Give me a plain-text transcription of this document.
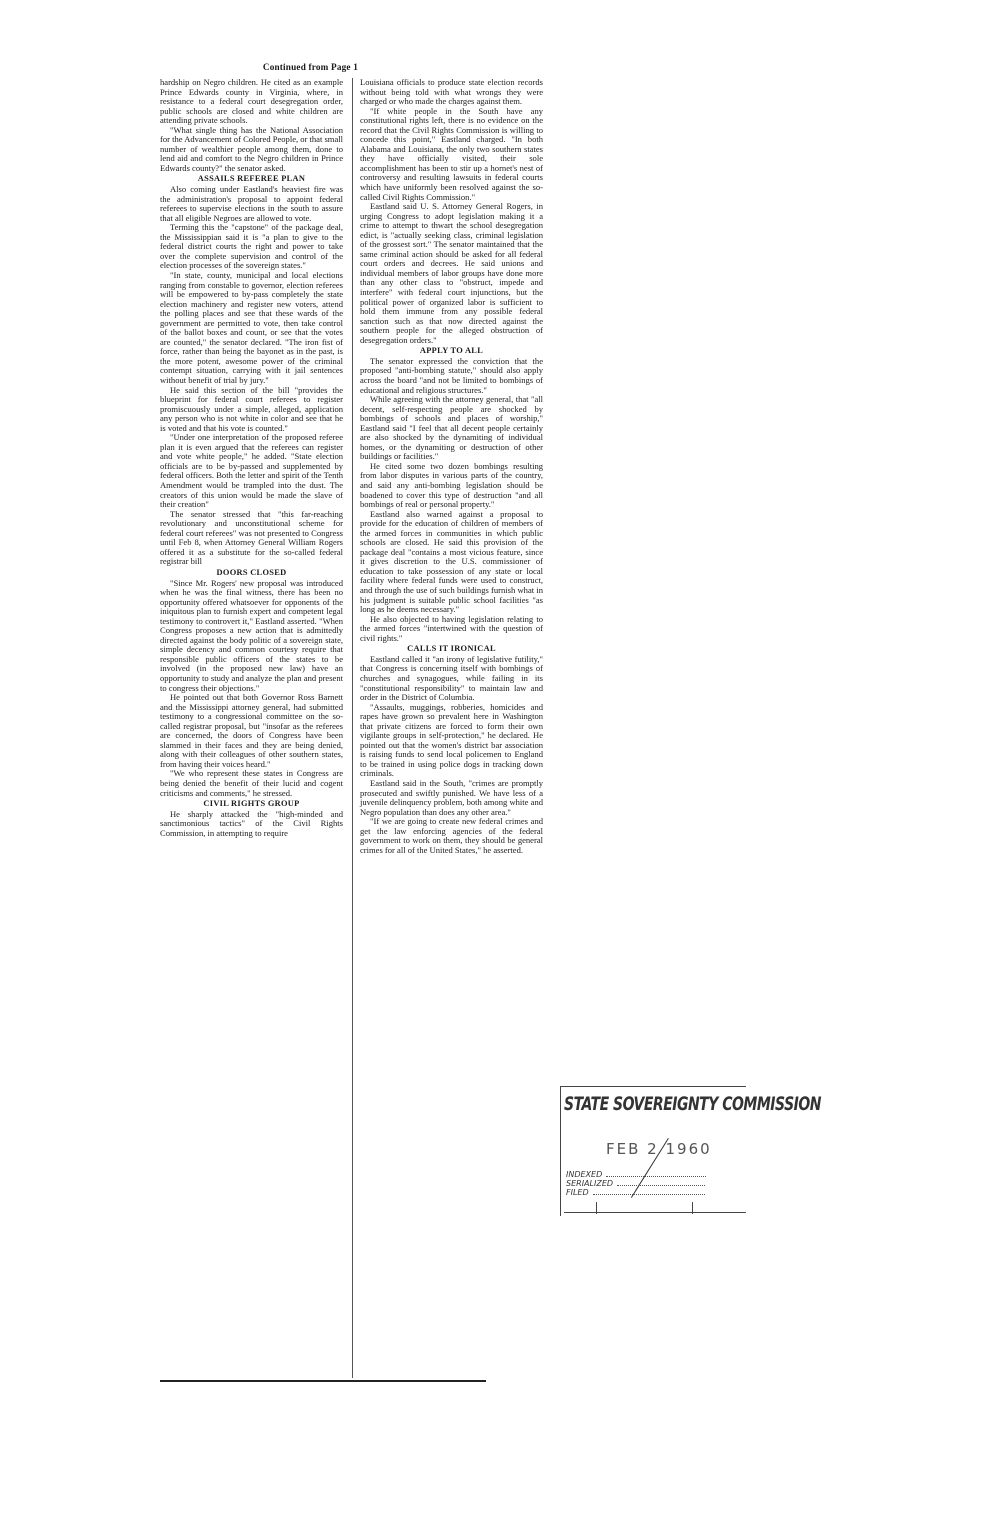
Continued from Page 1

hardship on Negro children. He cited as an example Prince Edwards county in Virginia, where, in resistance to a federal court desegregation order, public schools are closed and white children are attending private schools.

"What single thing has the National Association for the Advancement of Colored People, or that small number of wealthier people among them, done to lend aid and comfort to the Negro children in Prince Edwards county?" the senator asked.

ASSAILS REFEREE PLAN

Also coming under Eastland's heaviest fire was the administration's proposal to appoint federal referees to supervise elections in the south to assure that all eligible Negroes are allowed to vote.

Terming this the "capstone" of the package deal, the Mississippian said it is "a plan to give to the federal district courts the right and power to take over the complete supervision and control of the election processes of the sovereign states."

"In state, county, municipal and local elections ranging from constable to governor, election referees will be empowered to by-pass completely the state election machinery and register new voters, attend the polling places and see that these wards of the government are permitted to vote, then take control of the ballot boxes and count, or see that the votes are counted," the senator declared. "The iron fist of force, rather than being the bayonet as in the past, is the more potent, awesome power of the criminal contempt situation, carrying with it jail sentences without benefit of trial by jury."

He said this section of the bill "provides the blueprint for federal court referees to register promiscuously under a simple, alleged, application any person who is not white in color and see that he is voted and that his vote is counted."

"Under one interpretation of the proposed referee plan it is even argued that the referees can register and vote white people," he added. "State election officials are to be by-passed and supplemented by federal officers. Both the letter and spirit of the Tenth Amendment would be trampled into the dust. The creators of this union would be made the slave of their creation"

The senator stressed that "this far-reaching revolutionary and unconstitutional scheme for federal court referees" was not presented to Congress until Feb 8, when Attorney General William Rogers offered it as a substitute for the so-called federal registrar bill

DOORS CLOSED

"Since Mr. Rogers' new proposal was introduced when he was the final witness, there has been no opportunity offered whatsoever for opponents of the iniquitous plan to furnish expert and competent legal testimony to controvert it," Eastland asserted. "When Congress proposes a new action that is admittedly directed against the body politic of a sovereign state, simple decency and common courtesy require that responsible public officers of the states to be involved (in the proposed new law) have an opportunity to study and analyze the plan and present to congress their objections."

He pointed out that both Governor Ross Barnett and the Mississippi attorney general, had submitted testimony to a congressional committee on the so-called registrar proposal, but "insofar as the referees are concerned, the doors of Congress have been slammed in their faces and they are being denied, along with their colleagues of other southern states, from having their voices heard."

"We who represent these states in Congress are being denied the benefit of their lucid and cogent criticisms and comments," he stressed.

CIVIL RIGHTS GROUP

He sharply attacked the "high-minded and sanctimonious tactics" of the Civil Rights Commission, in attempting to require

Louisiana officials to produce state election records without being told with what wrongs they were charged or who made the charges against them.

"If white people in the South have any constitutional rights left, there is no evidence on the record that the Civil Rights Commission is willing to concede this point," Eastland charged. "In both Alabama and Louisiana, the only two southern states they have officially visited, their sole accomplishment has been to stir up a hornet's nest of controversy and resulting lawsuits in federal courts which have uniformly been resolved against the so-called Civil Rights Commission."

Eastland said U. S. Attorney General Rogers, in urging Congress to adopt legislation making it a crime to attempt to thwart the school desegregation edict, is "actually seeking class, criminal legislation of the grossest sort." The senator maintained that the same criminal action should be asked for all federal court orders and decrees. He said unions and individual members of labor groups have done more than any other class to "obstruct, impede and interfere" with federal court injunctions, but the political power of organized labor is sufficient to hold them immune from any possible federal sanction such as that now directed against the southern people for the alleged obstruction of desegregation orders."

APPLY TO ALL

The senator expressed the conviction that the proposed "anti-bombing statute," should also apply across the board "and not be limited to bombings of educational and religious structures."

While agreeing with the attorney general, that "all decent, self-respecting people are shocked by bombings of schools and places of worship," Eastland said "I feel that all decent people certainly are also shocked by the dynamiting of individual homes, or the dynamiting or destruction of other buildings or facilities."

He cited some two dozen bombings resulting from labor disputes in various parts of the country, and said any anti-bombing legislation should be boadened to cover this type of destruction "and all bombings of real or personal property."

Eastland also warned against a proposal to provide for the education of children of members of the armed forces in communities in which public schools are closed. He said this provision of the package deal "contains a most vicious feature, since it gives discretion to the U.S. commissioner of education to take possession of any state or local facility where federal funds were used to construct, and through the use of such buildings furnish what in his judgment is suitable public school facilities "as long as he deems necessary."

He also objected to having legislation relating to the armed forces "intertwined with the question of civil rights."

CALLS IT IRONICAL

Eastland called it "an irony of legislative futility," that Congress is concerning itself with bombings of churches and synagogues, while failing in its "constitutional responsibility" to maintain law and order in the District of Columbia.

"Assaults, muggings, robberies, homicides and rapes have grown so prevalent here in Washington that private citizens are forced to form their own vigilante groups in self-protection," he declared. He pointed out that the women's district bar association is raising funds to send local policemen to England to be trained in using police dogs in tracking down criminals.

Eastland said in the South, "crimes are promptly prosecuted and swiftly punished. We have less of a juvenile delinquency problem, both among white and Negro population than does any other area."

"If we are going to create new federal crimes and get the law enforcing agencies of the federal government to work on them, they should be general crimes for all of the United States," he asserted.

STATE SOVEREIGNTY COMMISSION
FEB 2 1960
INDEXED
SERIALIZED
FILED
